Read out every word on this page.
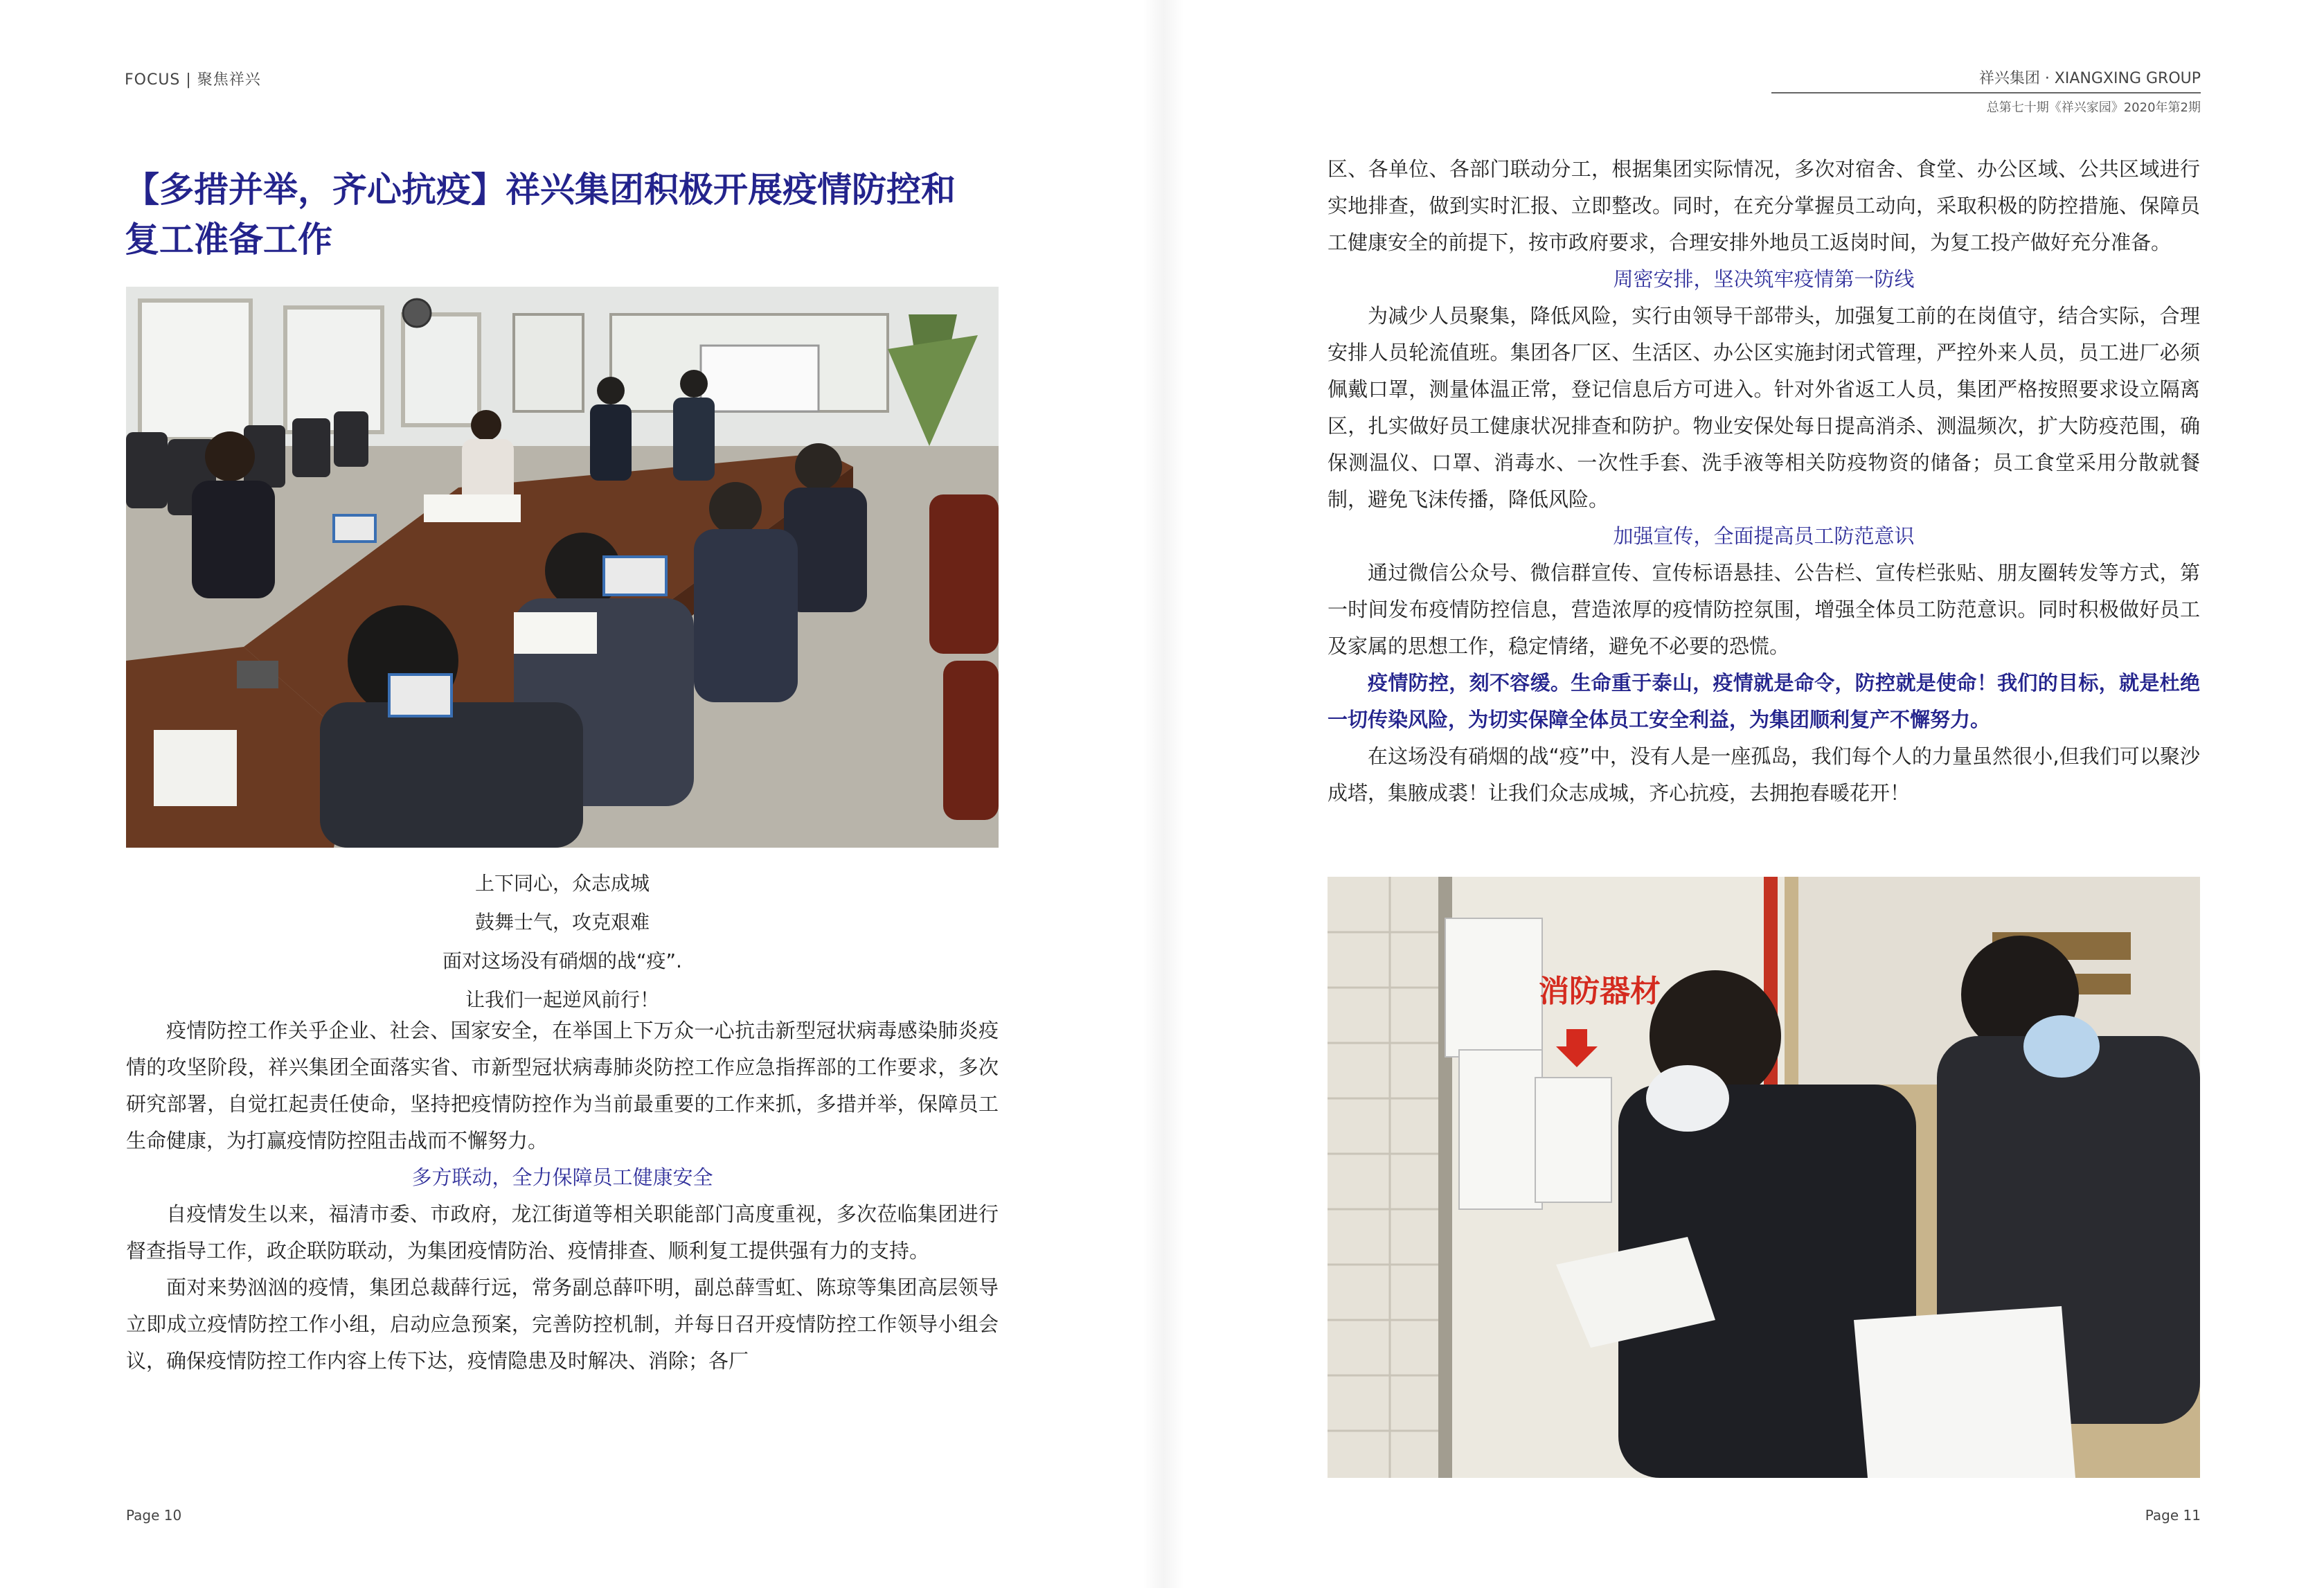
FOCUS | 聚焦祥兴	祥兴集团 · XIANGXING GROUP
总第七十期《祥兴家园》2020年第2期
【多措并举，齐心抗疫】祥兴集团积极开展疫情防控和
复工准备工作
上下同心，众志成城
鼓舞士气，攻克艰难
面对这场没有硝烟的战“疫”.
让我们一起逆风前行！

疫情防控工作关乎企业、社会、国家安全，在举国上下万众一心抗击新型冠状病毒感染肺炎疫情的攻坚阶段，祥兴集团全面落实省、市新型冠状病毒肺炎防控工作应急指挥部的工作要求，多次研究部署，自觉扛起责任使命，坚持把疫情防控作为当前最重要的工作来抓，多措并举，保障员工生命健康，为打赢疫情防控阻击战而不懈努力。

多方联动，全力保障员工健康安全

自疫情发生以来，福清市委、市政府，龙江街道等相关职能部门高度重视，多次莅临集团进行督查指导工作，政企联防联动，为集团疫情防治、疫情排查、顺利复工提供强有力的支持。

面对来势汹汹的疫情，集团总裁薛行远，常务副总薛吓明，副总薛雪虹、陈琼等集团高层领导立即成立疫情防控工作小组，启动应急预案，完善防控机制，并每日召开疫情防控工作领导小组会议，确保疫情防控工作内容上传下达，疫情隐患及时解决、消除；各厂

区、各单位、各部门联动分工，根据集团实际情况，多次对宿舍、食堂、办公区域、公共区域进行实地排查，做到实时汇报、立即整改。同时，在充分掌握员工动向，采取积极的防控措施、保障员工健康安全的前提下，按市政府要求，合理安排外地员工返岗时间，为复工投产做好充分准备。

周密安排，坚决筑牢疫情第一防线

为减少人员聚集，降低风险，实行由领导干部带头，加强复工前的在岗值守，结合实际，合理安排人员轮流值班。集团各厂区、生活区、办公区实施封闭式管理，严控外来人员，员工进厂必须佩戴口罩，测量体温正常，登记信息后方可进入。针对外省返工人员，集团严格按照要求设立隔离区，扎实做好员工健康状况排查和防护。物业安保处每日提高消杀、测温频次，扩大防疫范围，确保测温仪、口罩、消毒水、一次性手套、洗手液等相关防疫物资的储备；员工食堂采用分散就餐制，避免飞沫传播，降低风险。

加强宣传，全面提高员工防范意识

通过微信公众号、微信群宣传、宣传标语悬挂、公告栏、宣传栏张贴、朋友圈转发等方式，第一时间发布疫情防控信息，营造浓厚的疫情防控氛围，增强全体员工防范意识。同时积极做好员工及家属的思想工作，稳定情绪，避免不必要的恐慌。

疫情防控，刻不容缓。生命重于泰山，疫情就是命令，防控就是使命！我们的目标，就是杜绝一切传染风险，为切实保障全体员工安全利益，为集团顺利复产不懈努力。

在这场没有硝烟的战“疫”中，没有人是一座孤岛，我们每个人的力量虽然很小,但我们可以聚沙成塔，集腋成裘！让我们众志成城，齐心抗疫，去拥抱春暖花开！

消防器材
Page 10	Page 11
